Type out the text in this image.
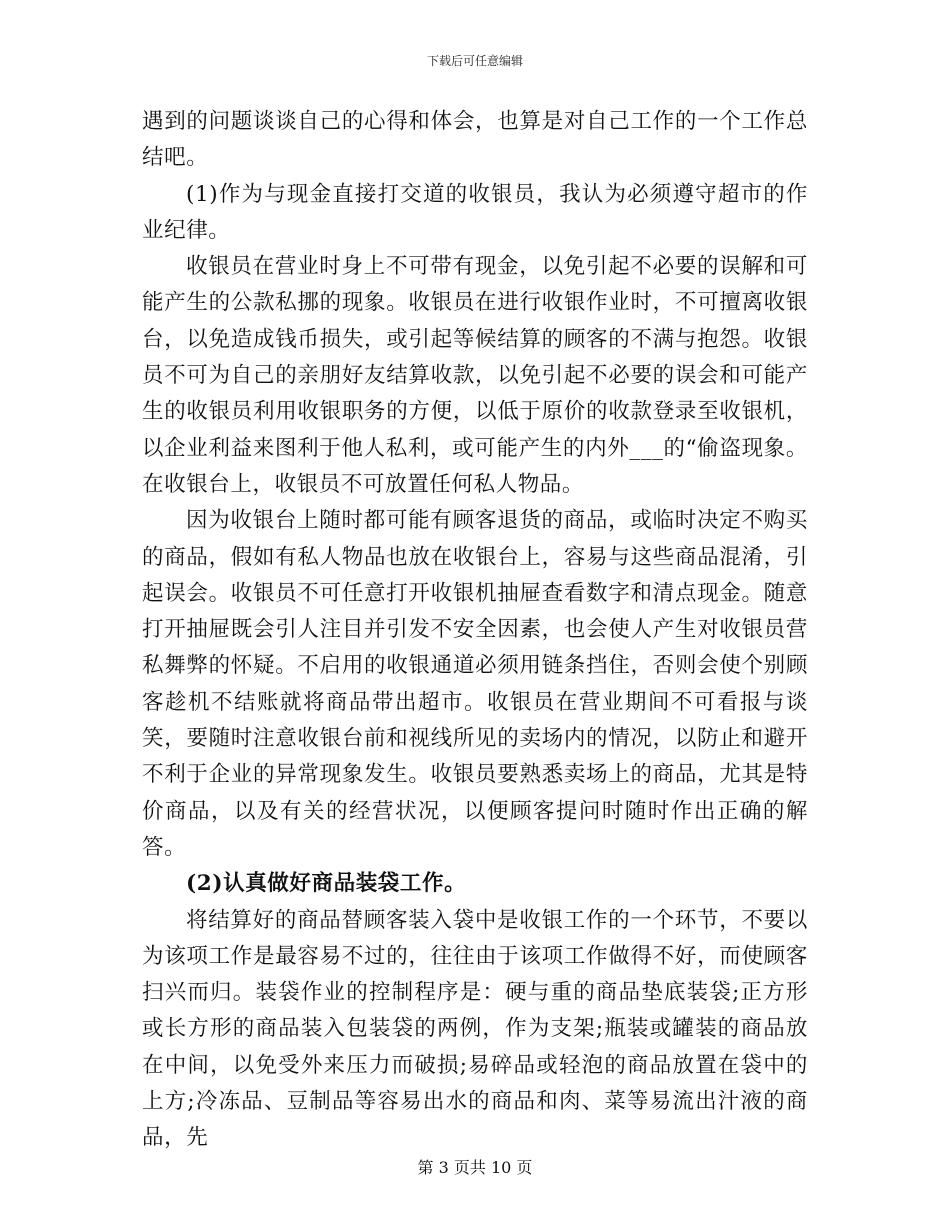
下载后可任意编辑

遇到的问题谈谈自己的心得和体会，也算是对自己工作的一个工作总结吧。

(1)作为与现金直接打交道的收银员，我认为必须遵守超市的作业纪律。

收银员在营业时身上不可带有现金，以免引起不必要的误解和可能产生的公款私挪的现象。收银员在进行收银作业时，不可擅离收银台，以免造成钱币损失，或引起等候结算的顾客的不满与抱怨。收银员不可为自己的亲朋好友结算收款，以免引起不必要的误会和可能产生的收银员利用收银职务的方便，以低于原价的收款登录至收银机，以企业利益来图利于他人私利，或可能产生的内外___的“偷盗现象。在收银台上，收银员不可放置任何私人物品。

因为收银台上随时都可能有顾客退货的商品，或临时决定不购买的商品，假如有私人物品也放在收银台上，容易与这些商品混淆，引起误会。收银员不可任意打开收银机抽屉查看数字和清点现金。随意打开抽屉既会引人注目并引发不安全因素，也会使人产生对收银员营私舞弊的怀疑。不启用的收银通道必须用链条挡住，否则会使个别顾客趁机不结账就将商品带出超市。收银员在营业期间不可看报与谈笑，要随时注意收银台前和视线所见的卖场内的情况，以防止和避开不利于企业的异常现象发生。收银员要熟悉卖场上的商品，尤其是特价商品，以及有关的经营状况，以便顾客提问时随时作出正确的解答。

(2)认真做好商品装袋工作。

将结算好的商品替顾客装入袋中是收银工作的一个环节，不要以为该项工作是最容易不过的，往往由于该项工作做得不好，而使顾客扫兴而归。装袋作业的控制程序是：硬与重的商品垫底装袋;正方形或长方形的商品装入包装袋的两例，作为支架;瓶装或罐装的商品放在中间，以免受外来压力而破损;易碎品或轻泡的商品放置在袋中的上方;冷冻品、豆制品等容易出水的商品和肉、菜等易流出汁液的商品，先

第 3 页共 10 页
